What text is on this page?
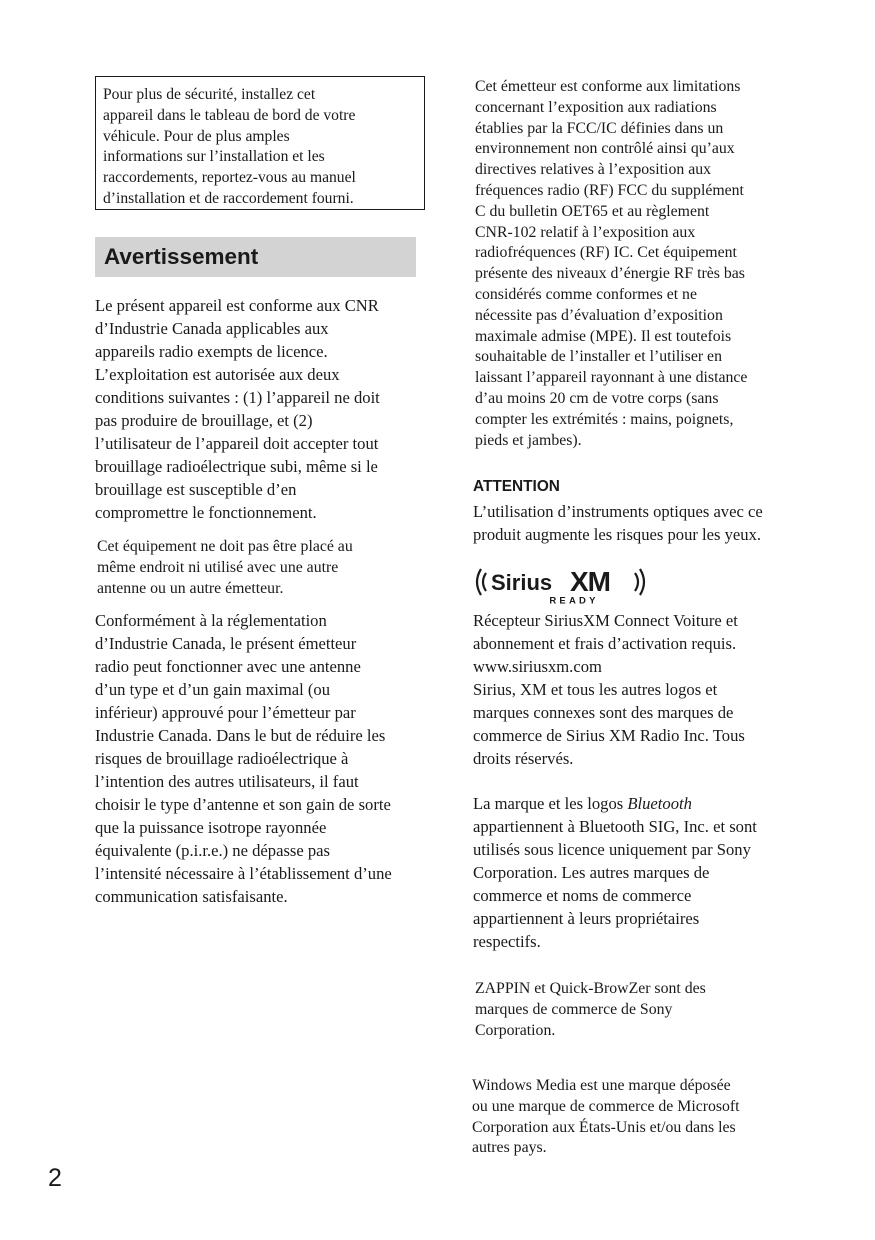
Pour plus de sécurité, installez cet
appareil dans le tableau de bord de votre
véhicule. Pour de plus amples
informations sur l’installation et les
raccordements, reportez-vous au manuel
d’installation et de raccordement fourni.
Avertissement
Le présent appareil est conforme aux CNR
d’Industrie Canada applicables aux
appareils radio exempts de licence.
L’exploitation est autorisée aux deux
conditions suivantes : (1) l’appareil ne doit
pas produire de brouillage, et (2)
l’utilisateur de l’appareil doit accepter tout
brouillage radioélectrique subi, même si le
brouillage est susceptible d’en
compromettre le fonctionnement.
Cet équipement ne doit pas être placé au
même endroit ni utilisé avec une autre
antenne ou un autre émetteur.
Conformément à la réglementation
d’Industrie Canada, le présent émetteur
radio peut fonctionner avec une antenne
d’un type et d’un gain maximal (ou
inférieur) approuvé pour l’émetteur par
Industrie Canada. Dans le but de réduire les
risques de brouillage radioélectrique à
l’intention des autres utilisateurs, il faut
choisir le type d’antenne et son gain de sorte
que la puissance isotrope rayonnée
équivalente (p.i.r.e.) ne dépasse pas
l’intensité nécessaire à l’établissement d’une
communication satisfaisante.
Cet émetteur est conforme aux limitations
concernant l’exposition aux radiations
établies par la FCC/IC définies dans un
environnement non contrôlé ainsi qu’aux
directives relatives à l’exposition aux
fréquences radio (RF) FCC du supplément
C du bulletin OET65 et au règlement
CNR-102 relatif à l’exposition aux
radiofréquences (RF) IC. Cet équipement
présente des niveaux d’énergie RF très bas
considérés comme conformes et ne
nécessite pas d’évaluation d’exposition
maximale admise (MPE). Il est toutefois
souhaitable de l’installer et l’utiliser en
laissant l’appareil rayonnant à une distance
d’au moins 20 cm de votre corps (sans
compter les extrémités : mains, poignets,
pieds et jambes).
ATTENTION
L’utilisation d’instruments optiques avec ce
produit augmente les risques pour les yeux.
Sirius XM
READY
Récepteur SiriusXM Connect Voiture et
abonnement et frais d’activation requis.
www.siriusxm.com
Sirius, XM et tous les autres logos et
marques connexes sont des marques de
commerce de Sirius XM Radio Inc. Tous
droits réservés.
La marque et les logos Bluetooth
appartiennent à Bluetooth SIG, Inc. et sont
utilisés sous licence uniquement par Sony
Corporation. Les autres marques de
commerce et noms de commerce
appartiennent à leurs propriétaires
respectifs.
ZAPPIN et Quick-BrowZer sont des
marques de commerce de Sony
Corporation.
Windows Media est une marque déposée
ou une marque de commerce de Microsoft
Corporation aux États-Unis et/ou dans les
autres pays.
2
